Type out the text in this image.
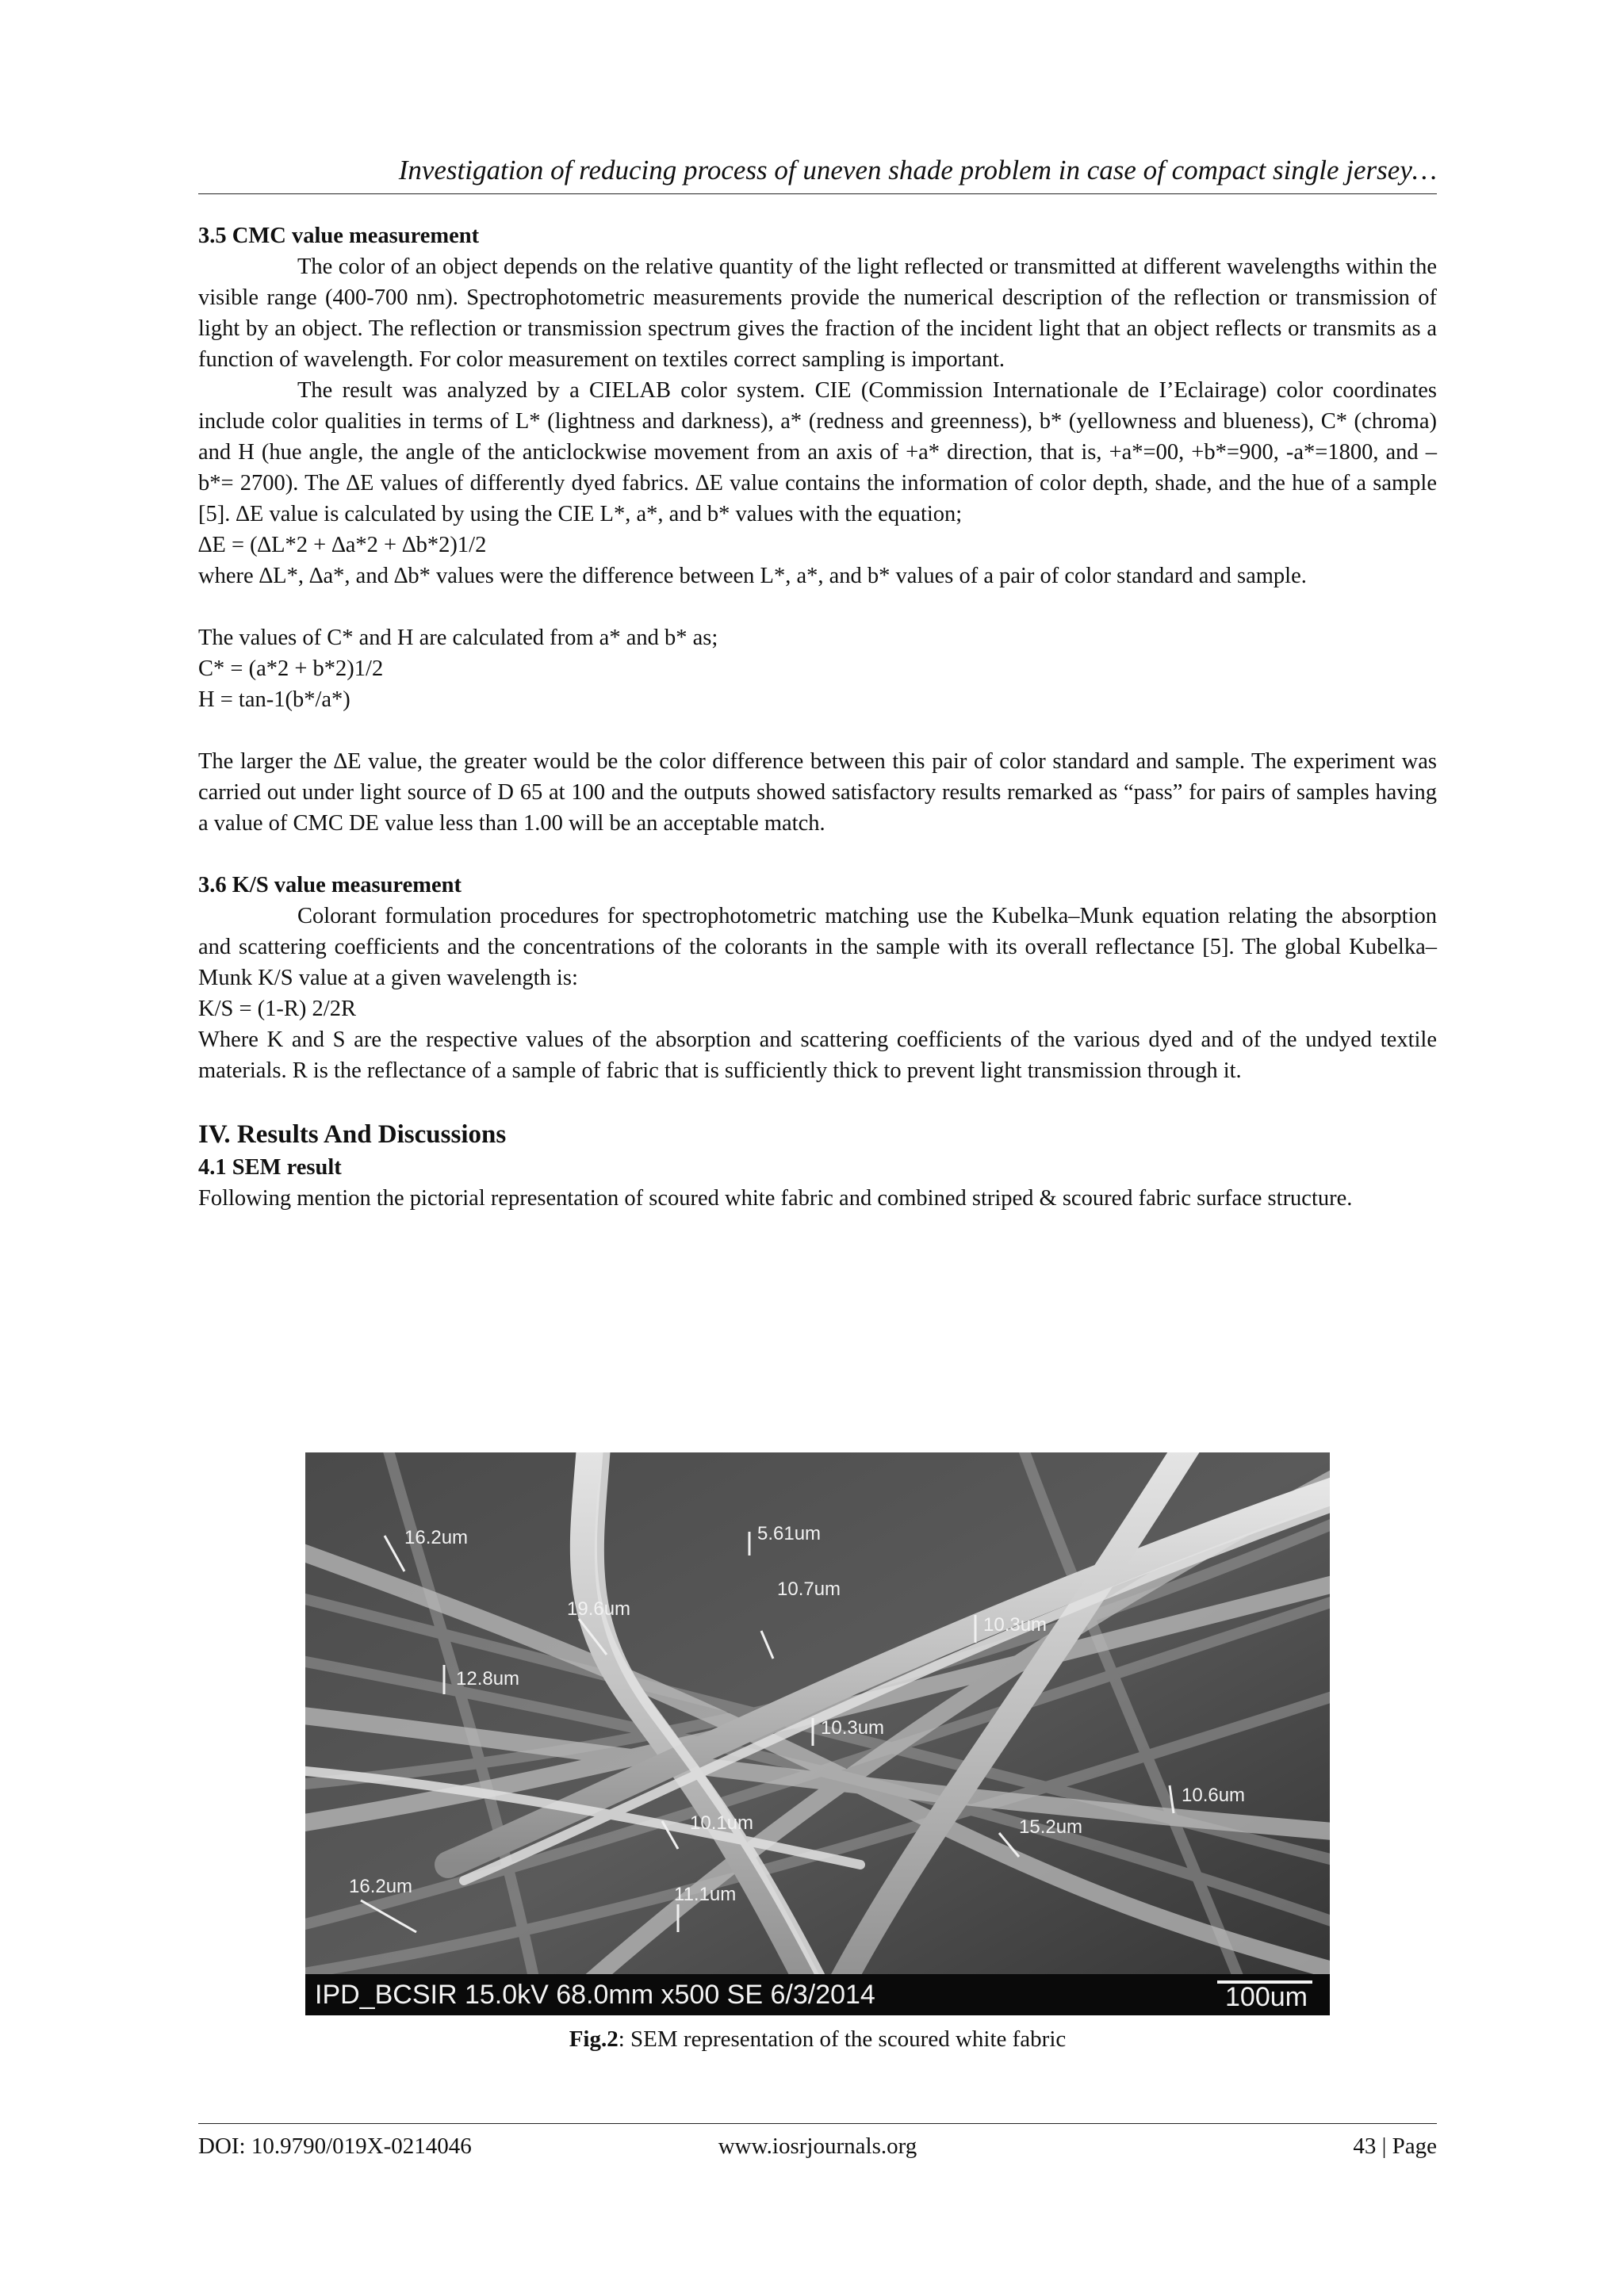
Investigation of reducing process of uneven shade problem in case of compact single jersey…

3.5 CMC value measurement

The color of an object depends on the relative quantity of the light reflected or transmitted at different wavelengths within the visible range (400-700 nm). Spectrophotometric measurements provide the numerical description of the reflection or transmission of light by an object. The reflection or transmission spectrum gives the fraction of the incident light that an object reflects or transmits as a function of wavelength. For color measurement on textiles correct sampling is important.

The result was analyzed by a CIELAB color system. CIE (Commission Internationale de I’Eclairage) color coordinates include color qualities in terms of L* (lightness and darkness), a* (redness and greenness), b* (yellowness and blueness), C* (chroma) and H (hue angle, the angle of the anticlockwise movement from an axis of +a* direction, that is, +a*=00, +b*=900, -a*=1800, and –b*= 2700). The ∆E values of differently dyed fabrics. ∆E value contains the information of color depth, shade, and the hue of a sample [5]. ∆E value is calculated by using the CIE L*, a*, and b* values with the equation;

∆E = (∆L*2 + ∆a*2 + ∆b*2)1/2

where ∆L*, ∆a*, and ∆b* values were the difference between L*, a*, and b* values of a pair of color standard and sample.

The values of C* and H are calculated from a* and b* as;

C* = (a*2 + b*2)1/2

H = tan-1(b*/a*)

The larger the ∆E value, the greater would be the color difference between this pair of color standard and sample. The experiment was carried out under light source of D 65 at 100 and the outputs showed satisfactory results remarked as “pass” for pairs of samples having a value of CMC DE value less than 1.00 will be an acceptable match.

3.6 K/S value measurement

Colorant formulation procedures for spectrophotometric matching use the Kubelka–Munk equation relating the absorption and scattering coefficients and the concentrations of the colorants in the sample with its overall reflectance [5]. The global Kubelka–Munk K/S value at a given wavelength is:

K/S = (1-R) 2/2R

Where K and S are the respective values of the absorption and scattering coefficients of the various dyed and of the undyed textile materials. R is the reflectance of a sample of fabric that is sufficiently thick to prevent light transmission through it.

IV. Results And Discussions

4.1 SEM result

Following mention the pictorial representation of scoured white fabric and combined striped & scoured fabric surface structure.

16.2um	5.61um
19.6um
10.7um
10.3um
12.8um
10.3um
10.6um
10.1um	15.2um
16.2um	11.1um
IPD_BCSIR 15.0kV 68.0mm x500 SE 6/3/2014	100um
Fig.2: SEM representation of the scoured white fabric
DOI: 10.9790/019X-0214046	www.iosrjournals.org	43 | Page
